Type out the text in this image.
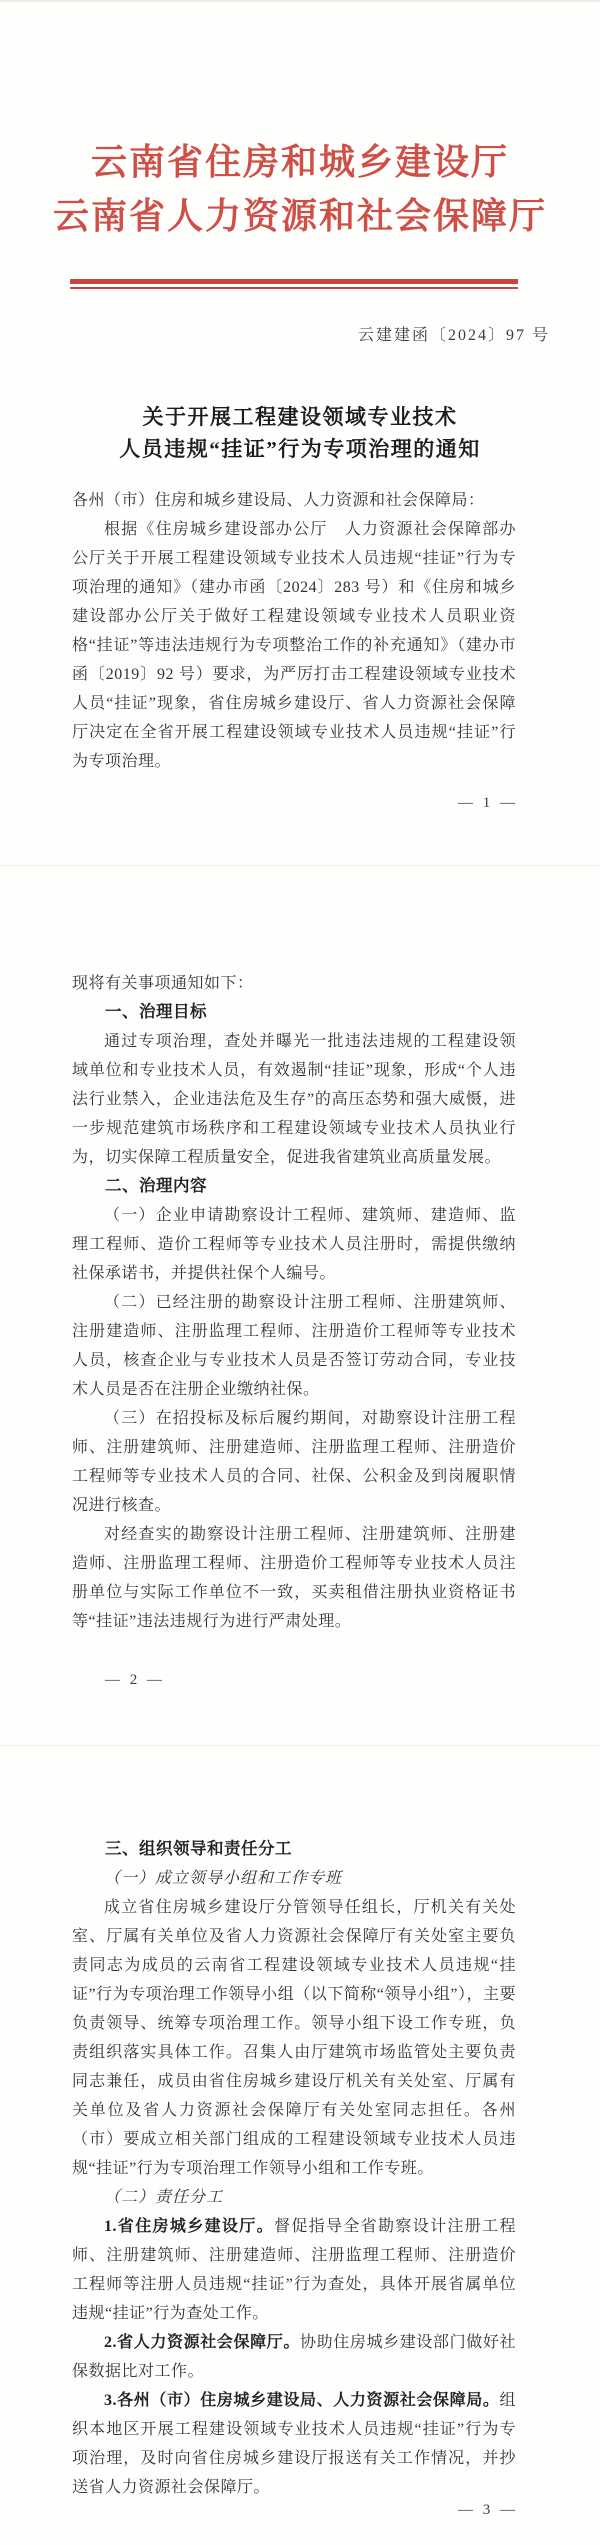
云南省住房和城乡建设厅
云南省人力资源和社会保障厅
云建建函〔2024〕97 号
关于开展工程建设领域专业技术
人员违规“挂证”行为专项治理的通知

各州（市）住房和城乡建设局、人力资源和社会保障局：

根据《住房城乡建设部办公厅　人力资源社会保障部办公厅关于开展工程建设领域专业技术人员违规“挂证”行为专项治理的通知》（建办市函〔2024〕283 号）和《住房和城乡建设部办公厅关于做好工程建设领域专业技术人员职业资格“挂证”等违法违规行为专项整治工作的补充通知》（建办市函〔2019〕92 号）要求，为严厉打击工程建设领域专业技术人员“挂证”现象，省住房城乡建设厅、省人力资源社会保障厅决定在全省开展工程建设领域专业技术人员违规“挂证”行为专项治理。

— 1 —

现将有关事项通知如下：

一、治理目标

通过专项治理，查处并曝光一批违法违规的工程建设领域单位和专业技术人员，有效遏制“挂证”现象，形成“个人违法行业禁入，企业违法危及生存”的高压态势和强大威慑，进一步规范建筑市场秩序和工程建设领域专业技术人员执业行为，切实保障工程质量安全，促进我省建筑业高质量发展。

二、治理内容

（一）企业申请勘察设计工程师、建筑师、建造师、监理工程师、造价工程师等专业技术人员注册时，需提供缴纳社保承诺书，并提供社保个人编号。

（二）已经注册的勘察设计注册工程师、注册建筑师、注册建造师、注册监理工程师、注册造价工程师等专业技术人员，核查企业与专业技术人员是否签订劳动合同，专业技术人员是否在注册企业缴纳社保。

（三）在招投标及标后履约期间，对勘察设计注册工程师、注册建筑师、注册建造师、注册监理工程师、注册造价工程师等专业技术人员的合同、社保、公积金及到岗履职情况进行核查。

对经查实的勘察设计注册工程师、注册建筑师、注册建造师、注册监理工程师、注册造价工程师等专业技术人员注册单位与实际工作单位不一致，买卖租借注册执业资格证书等“挂证”违法违规行为进行严肃处理。

— 2 —

三、组织领导和责任分工

（一）成立领导小组和工作专班

成立省住房城乡建设厅分管领导任组长，厅机关有关处室、厅属有关单位及省人力资源社会保障厅有关处室主要负责同志为成员的云南省工程建设领域专业技术人员违规“挂证”行为专项治理工作领导小组（以下简称“领导小组”），主要负责领导、统筹专项治理工作。领导小组下设工作专班，负责组织落实具体工作。召集人由厅建筑市场监管处主要负责同志兼任，成员由省住房城乡建设厅机关有关处室、厅属有关单位及省人力资源社会保障厅有关处室同志担任。各州（市）要成立相关部门组成的工程建设领域专业技术人员违规“挂证”行为专项治理工作领导小组和工作专班。

（二）责任分工

1.省住房城乡建设厅。督促指导全省勘察设计注册工程师、注册建筑师、注册建造师、注册监理工程师、注册造价工程师等注册人员违规“挂证”行为查处，具体开展省属单位违规“挂证”行为查处工作。

2.省人力资源社会保障厅。协助住房城乡建设部门做好社保数据比对工作。

3.各州（市）住房城乡建设局、人力资源社会保障局。组织本地区开展工程建设领域专业技术人员违规“挂证”行为专项治理，及时向省住房城乡建设厅报送有关工作情况，并抄送省人力资源社会保障厅。

— 3 —
